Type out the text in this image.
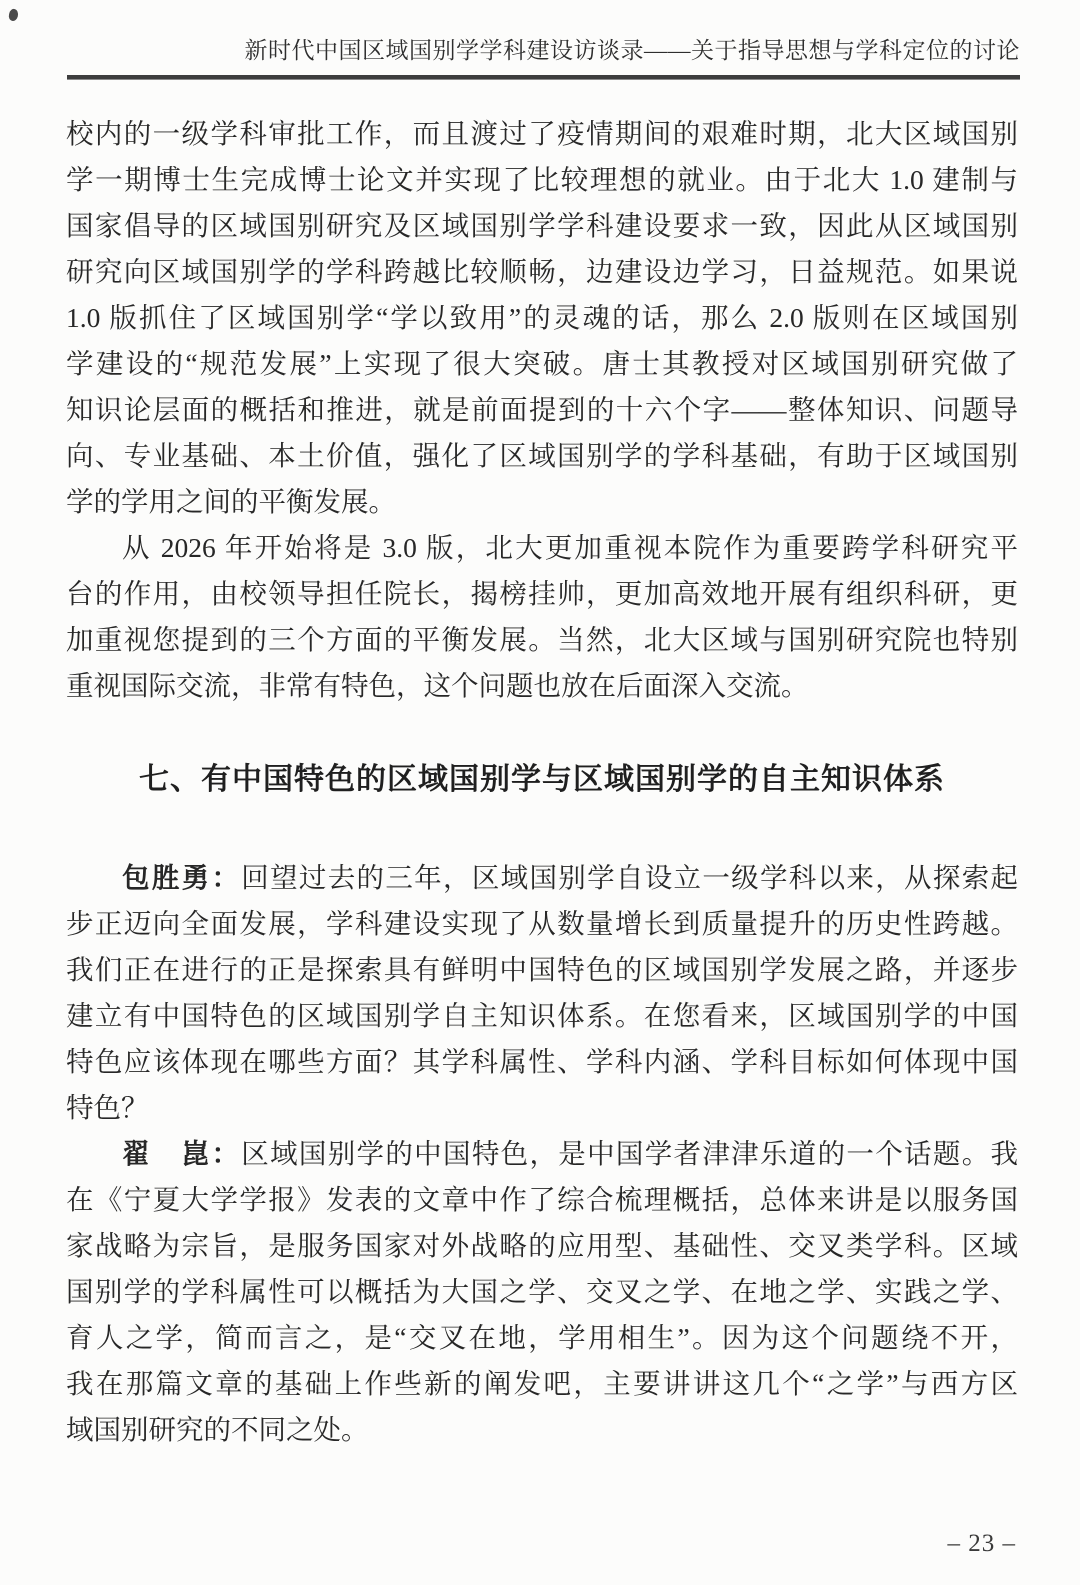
新时代中国区域国别学学科建设访谈录——关于指导思想与学科定位的讨论
校内的一级学科审批工作，而且渡过了疫情期间的艰难时期，北大区域国别
学一期博士生完成博士论文并实现了比较理想的就业。由于北大 1.0 建制与
国家倡导的区域国别研究及区域国别学学科建设要求一致，因此从区域国别
研究向区域国别学的学科跨越比较顺畅，边建设边学习，日益规范。如果说
1.0 版抓住了区域国别学“学以致用”的灵魂的话，那么 2.0 版则在区域国别
学建设的“规范发展”上实现了很大突破。唐士其教授对区域国别研究做了
知识论层面的概括和推进，就是前面提到的十六个字——整体知识、问题导
向、专业基础、本土价值，强化了区域国别学的学科基础，有助于区域国别
学的学用之间的平衡发展。
从 2026 年开始将是 3.0 版，北大更加重视本院作为重要跨学科研究平
台的作用，由校领导担任院长，揭榜挂帅，更加高效地开展有组织科研，更
加重视您提到的三个方面的平衡发展。当然，北大区域与国别研究院也特别
重视国际交流，非常有特色，这个问题也放在后面深入交流。
七、有中国特色的区域国别学与区域国别学的自主知识体系
包胜勇：回望过去的三年，区域国别学自设立一级学科以来，从探索起
步正迈向全面发展，学科建设实现了从数量增长到质量提升的历史性跨越。
我们正在进行的正是探索具有鲜明中国特色的区域国别学发展之路，并逐步
建立有中国特色的区域国别学自主知识体系。在您看来，区域国别学的中国
特色应该体现在哪些方面？其学科属性、学科内涵、学科目标如何体现中国
特色？
翟　崑：区域国别学的中国特色，是中国学者津津乐道的一个话题。我
在《宁夏大学学报》发表的文章中作了综合梳理概括，总体来讲是以服务国
家战略为宗旨，是服务国家对外战略的应用型、基础性、交叉类学科。区域
国别学的学科属性可以概括为大国之学、交叉之学、在地之学、实践之学、
育人之学，简而言之，是“交叉在地，学用相生”。因为这个问题绕不开，
我在那篇文章的基础上作些新的阐发吧，主要讲讲这几个“之学”与西方区
域国别研究的不同之处。
– 23 –
